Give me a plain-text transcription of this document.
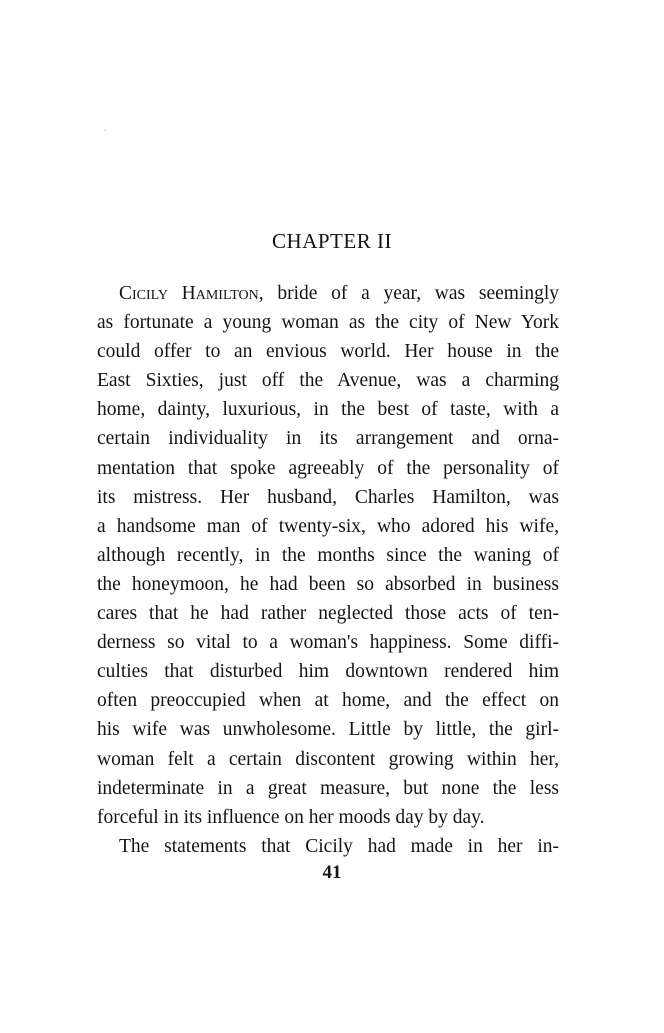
CHAPTER II
Cicily Hamilton, bride of a year, was seemingly
as fortunate a young woman as the city of New York
could offer to an envious world. Her house in the
East Sixties, just off the Avenue, was a charming
home, dainty, luxurious, in the best of taste, with a
certain individuality in its arrangement and orna-
mentation that spoke agreeably of the personality of
its mistress. Her husband, Charles Hamilton, was
a handsome man of twenty-six, who adored his wife,
although recently, in the months since the waning of
the honeymoon, he had been so absorbed in business
cares that he had rather neglected those acts of ten-
derness so vital to a woman's happiness. Some diffi-
culties that disturbed him downtown rendered him
often preoccupied when at home, and the effect on
his wife was unwholesome. Little by little, the girl-
woman felt a certain discontent growing within her,
indeterminate in a great measure, but none the less
forceful in its influence on her moods day by day.
The statements that Cicily had made in her in-
41
